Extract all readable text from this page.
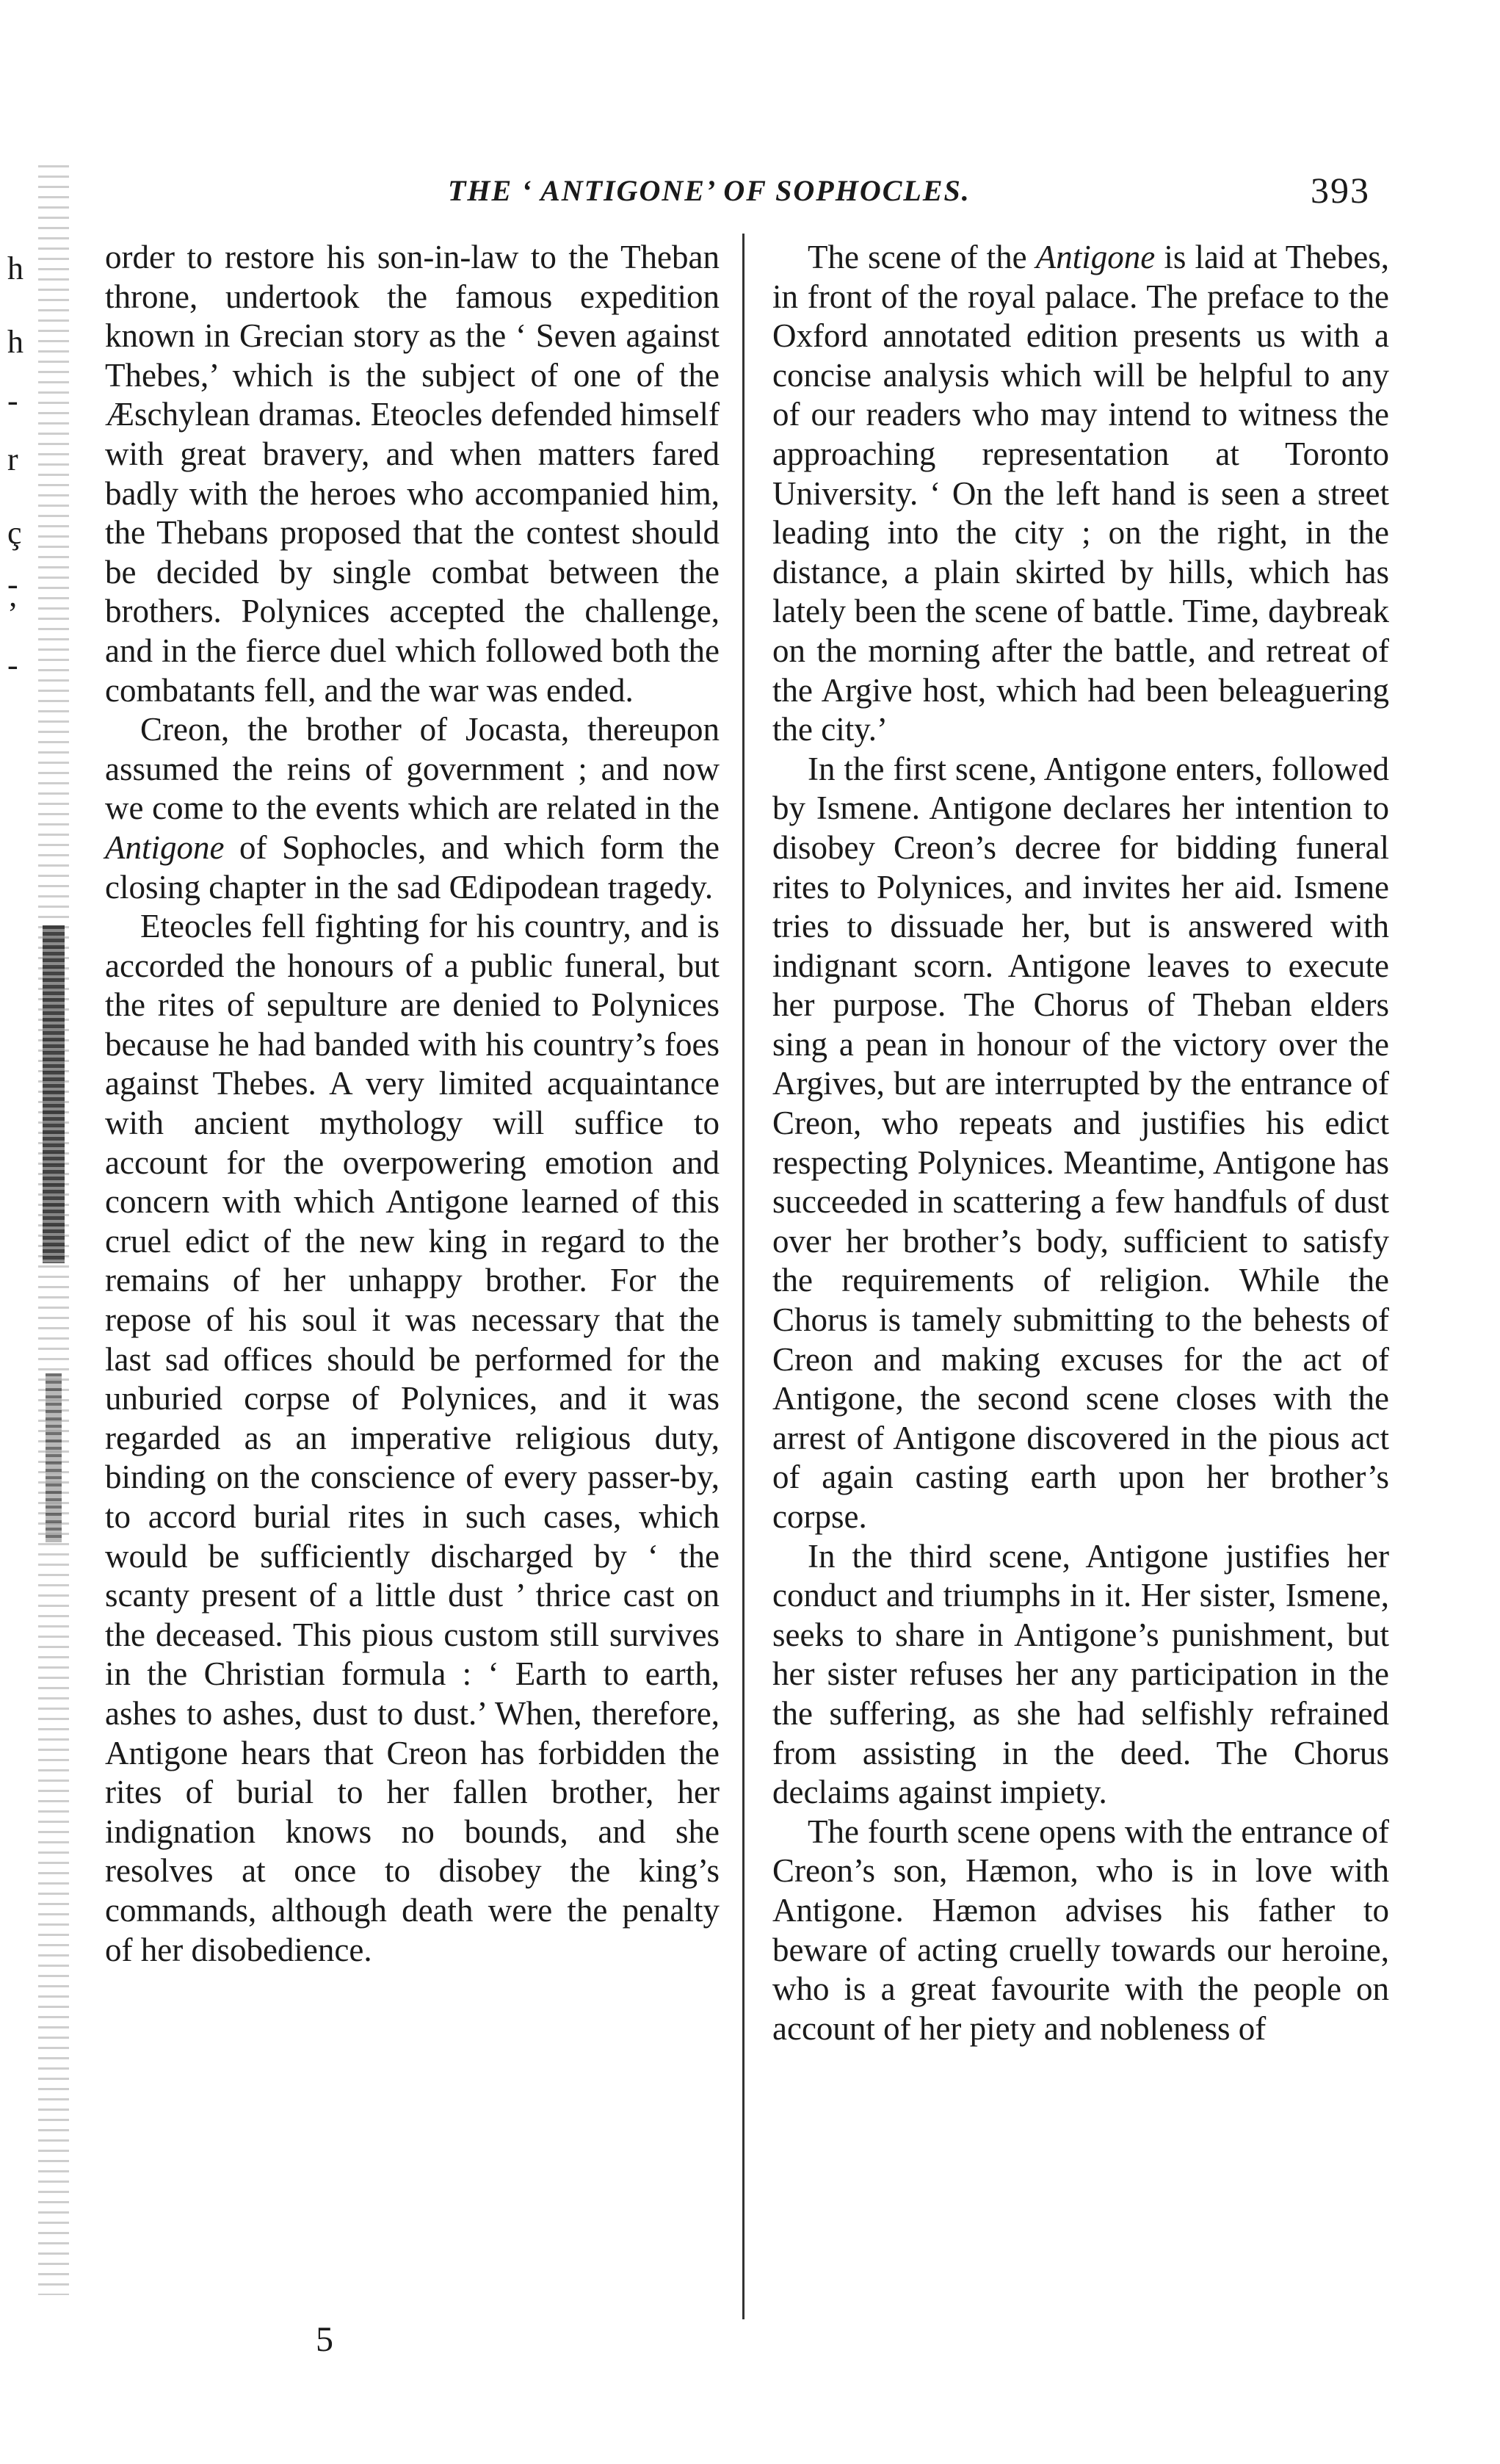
h
h
-
r
ç
-
’
-
THE ‘ ANTIGONE’ OF SOPHOCLES.	393

order to restore his son-in-law to the Theban throne, undertook the famous expedition known in Grecian story as the ‘ Seven against Thebes,’ which is the subject of one of the Æschylean dramas. Eteocles defended himself with great bravery, and when matters fared badly with the heroes who accompanied him, the Thebans proposed that the contest should be decided by single combat between the brothers. Polynices accepted the challenge, and in the fierce duel which followed both the combatants fell, and the war was ended.

Creon, the brother of Jocasta, thereupon assumed the reins of government ; and now we come to the events which are related in the Antigone of Sophocles, and which form the closing chapter in the sad Œdipodean tragedy.

Eteocles fell fighting for his country, and is accorded the honours of a public funeral, but the rites of sepulture are denied to Polynices because he had banded with his country’s foes against Thebes. A very limited acquaintance with ancient mythology will suffice to account for the overpowering emotion and concern with which Antigone learned of this cruel edict of the new king in regard to the remains of her unhappy brother. For the repose of his soul it was necessary that the last sad offices should be performed for the unburied corpse of Polynices, and it was regarded as an imperative religious duty, binding on the conscience of every passer-by, to accord burial rites in such cases, which would be sufficiently discharged by ‘ the scanty present of a little dust ’ thrice cast on the deceased. This pious custom still survives in the Christian formula : ‘ Earth to earth, ashes to ashes, dust to dust.’ When, therefore, Antigone hears that Creon has forbidden the rites of burial to her fallen brother, her indignation knows no bounds, and she resolves at once to disobey the king’s commands, although death were the penalty of her disobedience.

The scene of the Antigone is laid at Thebes, in front of the royal palace. The preface to the Oxford annotated edition presents us with a concise analysis which will be helpful to any of our readers who may intend to witness the approaching representation at Toronto University. ‘ On the left hand is seen a street leading into the city ; on the right, in the distance, a plain skirted by hills, which has lately been the scene of battle. Time, daybreak on the morning after the battle, and retreat of the Argive host, which had been beleaguering the city.’

In the first scene, Antigone enters, followed by Ismene. Antigone declares her intention to disobey Creon’s decree for bidding funeral rites to Polynices, and invites her aid. Ismene tries to dissuade her, but is answered with indignant scorn. Antigone leaves to execute her purpose. The Chorus of Theban elders sing a pean in honour of the victory over the Argives, but are interrupted by the entrance of Creon, who repeats and justifies his edict respecting Polynices. Meantime, Antigone has succeeded in scattering a few handfuls of dust over her brother’s body, sufficient to satisfy the requirements of religion. While the Chorus is tamely submitting to the behests of Creon and making excuses for the act of Antigone, the second scene closes with the arrest of Antigone discovered in the pious act of again casting earth upon her brother’s corpse.

In the third scene, Antigone justifies her conduct and triumphs in it. Her sister, Ismene, seeks to share in Antigone’s punishment, but her sister refuses her any participation in the the suffering, as she had selfishly refrained from assisting in the deed. The Chorus declaims against impiety.

The fourth scene opens with the entrance of Creon’s son, Hæmon, who is in love with Antigone. Hæmon advises his father to beware of acting cruelly towards our heroine, who is a great favourite with the people on account of her piety and nobleness of

5
